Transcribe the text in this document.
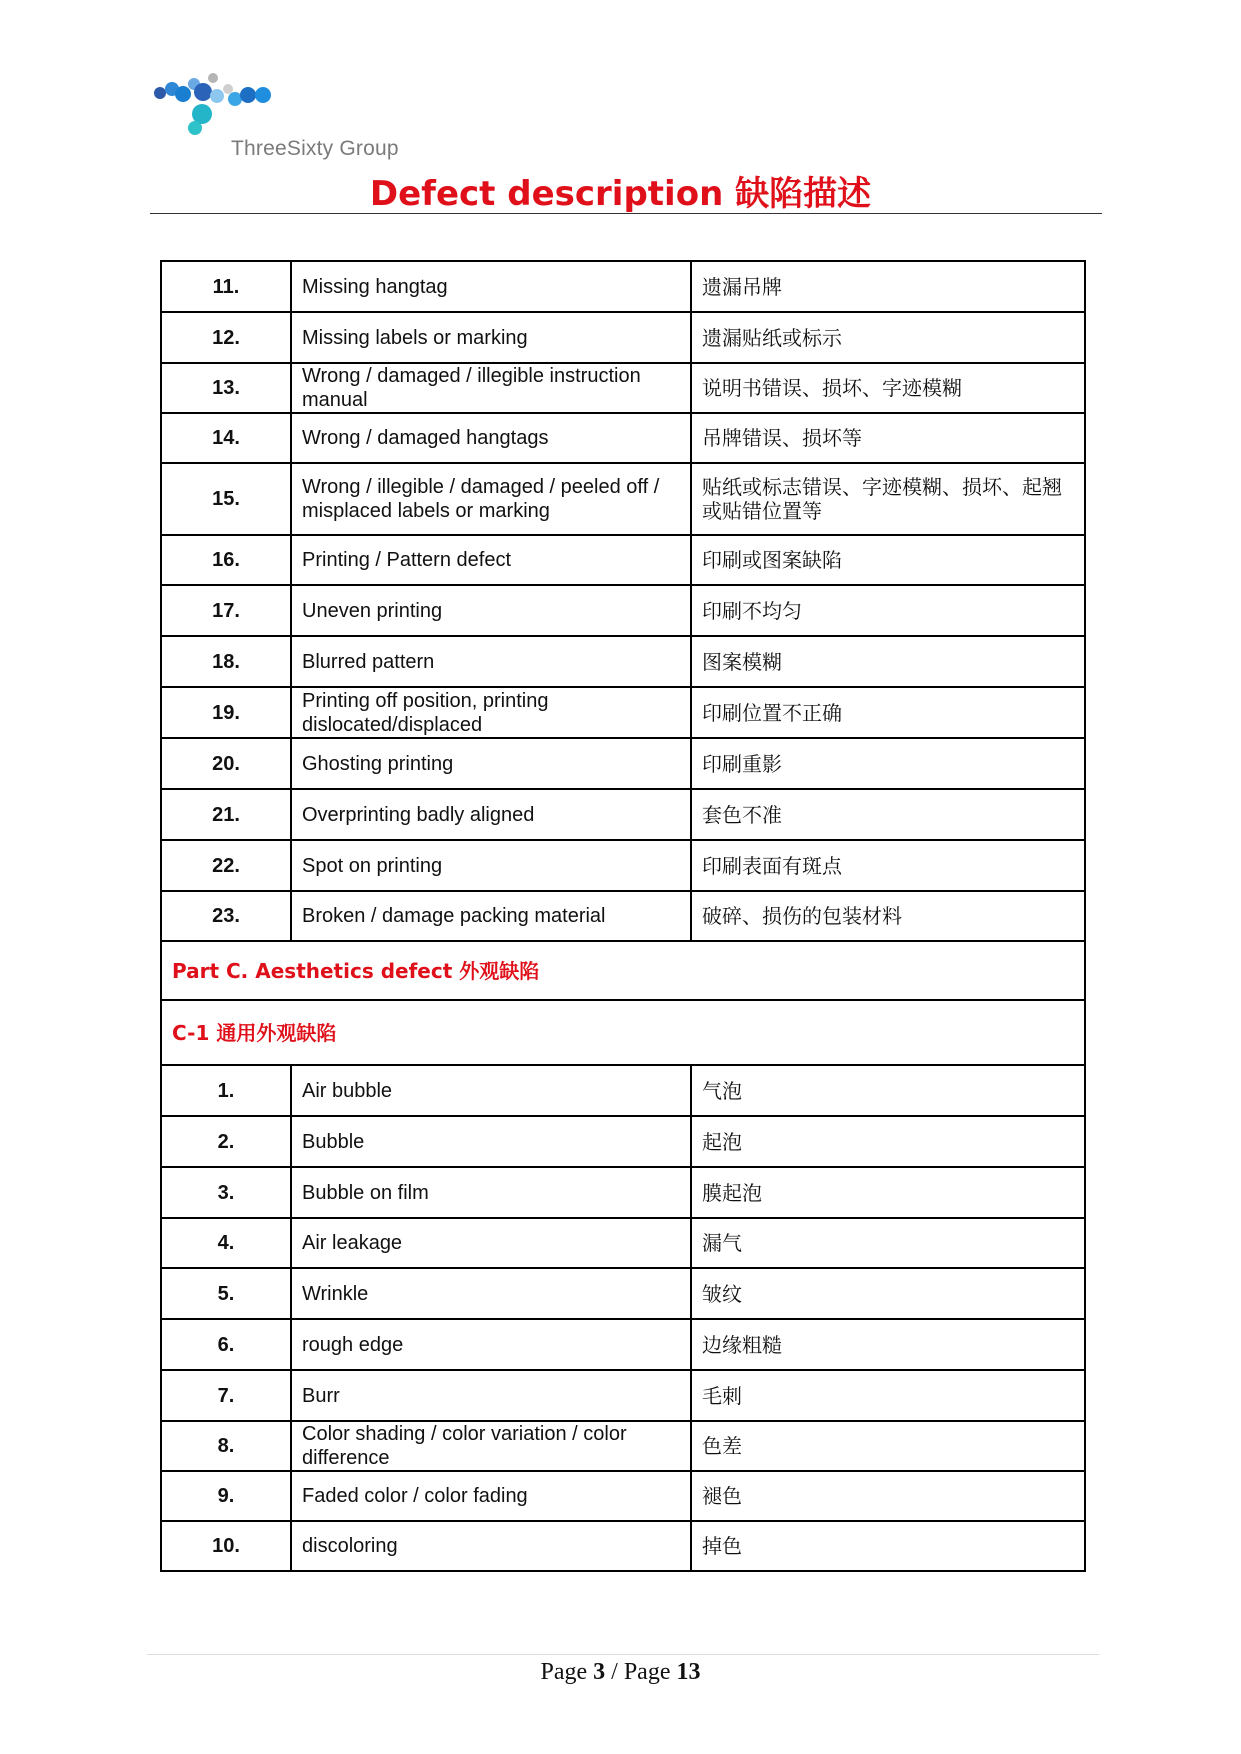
ThreeSixty Group
Defect description 缺陷描述
11.	Missing hangtag	遗漏吊牌
12.	Missing labels or marking	遗漏贴纸或标示
13.	Wrong / damaged / illegible instruction manual	说明书错误、损坏、字迹模糊
14.	Wrong / damaged hangtags	吊牌错误、损坏等
15.	Wrong / illegible / damaged / peeled off / misplaced labels or marking	贴纸或标志错误、字迹模糊、损坏、起翘或贴错位置等
16.	Printing / Pattern defect	印刷或图案缺陷
17.	Uneven printing	印刷不均匀
18.	Blurred pattern	图案模糊
19.	Printing off position, printing dislocated/displaced	印刷位置不正确
20.	Ghosting printing	印刷重影
21.	Overprinting badly aligned	套色不准
22.	Spot on printing	印刷表面有斑点
23.	Broken / damage packing material	破碎、损伤的包装材料
Part C. Aesthetics defect 外观缺陷		
C-1 通用外观缺陷		
1.	Air bubble	气泡
2.	Bubble	起泡
3.	Bubble on film	膜起泡
4.	Air leakage	漏气
5.	Wrinkle	皱纹
6.	rough edge	边缘粗糙
7.	Burr	毛刺
8.	Color shading / color variation / color difference	色差
9.	Faded color / color fading	褪色
10.	discoloring	掉色
Page 3 / Page 13
